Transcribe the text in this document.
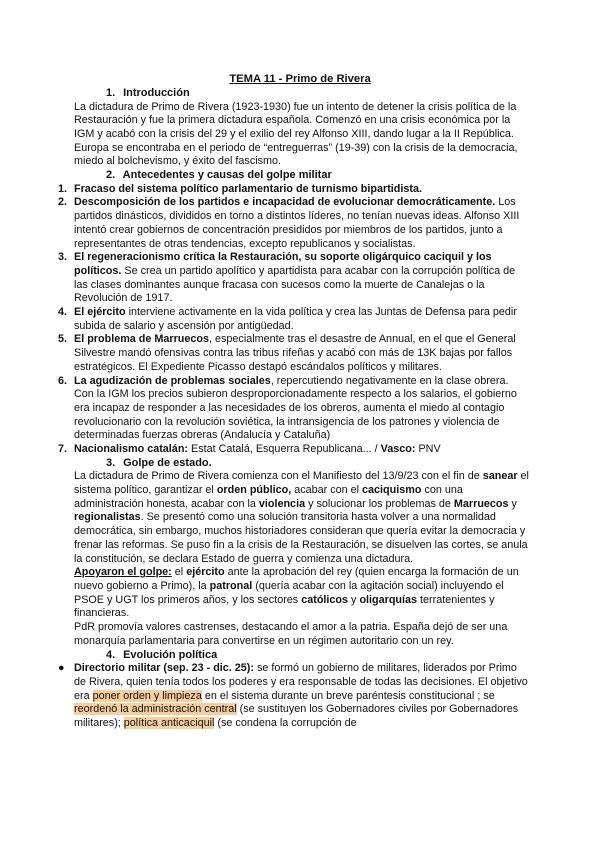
TEMA 11 - Primo de Rivera
1. Introducción

La dictadura de Primo de Rivera (1923-1930) fue un intento de detener la crisis política de la Restauración y fue la primera dictadura española. Comenzó en una crisis económica por la IGM y acabó con la crisis del 29 y el exilio del rey Alfonso XIII, dando lugar a la II República. Europa se encontraba en el periodo de “entreguerras” (19-39) con la crisis de la democracia, miedo al bolchevismo, y éxito del fascismo.

2. Antecedentes y causas del golpe militar
1. Fracaso del sistema político parlamentario de turnismo bipartidista.
2. Descomposición de los partidos e incapacidad de evolucionar democráticamente. Los partidos dinásticos, divididos en torno a distintos líderes, no tenían nuevas ideas. Alfonso XIII intentó crear gobiernos de concentración presididos por miembros de los partidos, junto a representantes de otras tendencias, excepto republicanos y socialistas.
3. El regeneracionismo crítica la Restauración, su soporte oligárquico caciquil y los políticos. Se crea un partido apolítico y apartidista para acabar con la corrupción política de las clases dominantes aunque fracasa con sucesos como la muerte de Canalejas o la Revolución de 1917.
4. El ejército interviene activamente en la vida política y crea las Juntas de Defensa para pedir subida de salario y ascensión por antigüedad.
5. El problema de Marruecos, especialmente tras el desastre de Annual, en el que el General Silvestre mandó ofensivas contra las tribus rifeñas y acabó con más de 13K bajas por fallos estratégicos. El Expediente Picasso destapó escándalos políticos y militares.
6. La agudización de problemas sociales, repercutiendo negativamente en la clase obrera. Con la IGM los precios subieron desproporcionadamente respecto a los salarios, el gobierno era incapaz de responder a las necesidades de los obreros, aumenta el miedo al contagio revolucionario con la revolución soviética, la intransigencia de los patrones y violencia de determinadas fuerzas obreras (Andalucía y Cataluña)
7. Nacionalismo catalán: Estat Catalá, Esquerra Republicana... / Vasco: PNV
3. Golpe de estado.

La dictadura de Primo de Rivera comienza con el Manifiesto del 13/9/23 con el fin de sanear el sistema político, garantizar el orden público, acabar con el caciquismo con una administración honesta, acabar con la violencia y solucionar los problemas de Marruecos y regionalistas. Se presentó como una solución transitoria hasta volver a una normalidad democrática, sin embargo, muchos historiadores consideran que quería evitar la democracia y frenar las reformas. Se puso fin a la crisis de la Restauración, se disuelven las cortes, se anula la constitución, se declara Estado de guerra y comienza una dictadura.

Apoyaron el golpe: el ejército ante la aprobación del rey (quien encarga la formación de un nuevo gobierno a Primo), la patronal (quería acabar con la agitación social) incluyendo el PSOE y UGT los primeros años, y los sectores católicos y oligarquías terratenientes y financieras.

PdR promovía valores castrenses, destacando el amor a la patria. España dejó de ser una monarquía parlamentaria para convertirse en un régimen autoritario con un rey.

4. Evolución política
● Directorio militar (sep. 23 - dic. 25): se formó un gobierno de militares, liderados por Primo de Rivera, quien tenía todos los poderes y era responsable de todas las decisiones. El objetivo era poner orden y limpieza en el sistema durante un breve paréntesis constitucional ; se reordenó la administración central (se sustituyen los Gobernadores civiles por Gobernadores militares); política anticaciquil (se condena la corrupción de
